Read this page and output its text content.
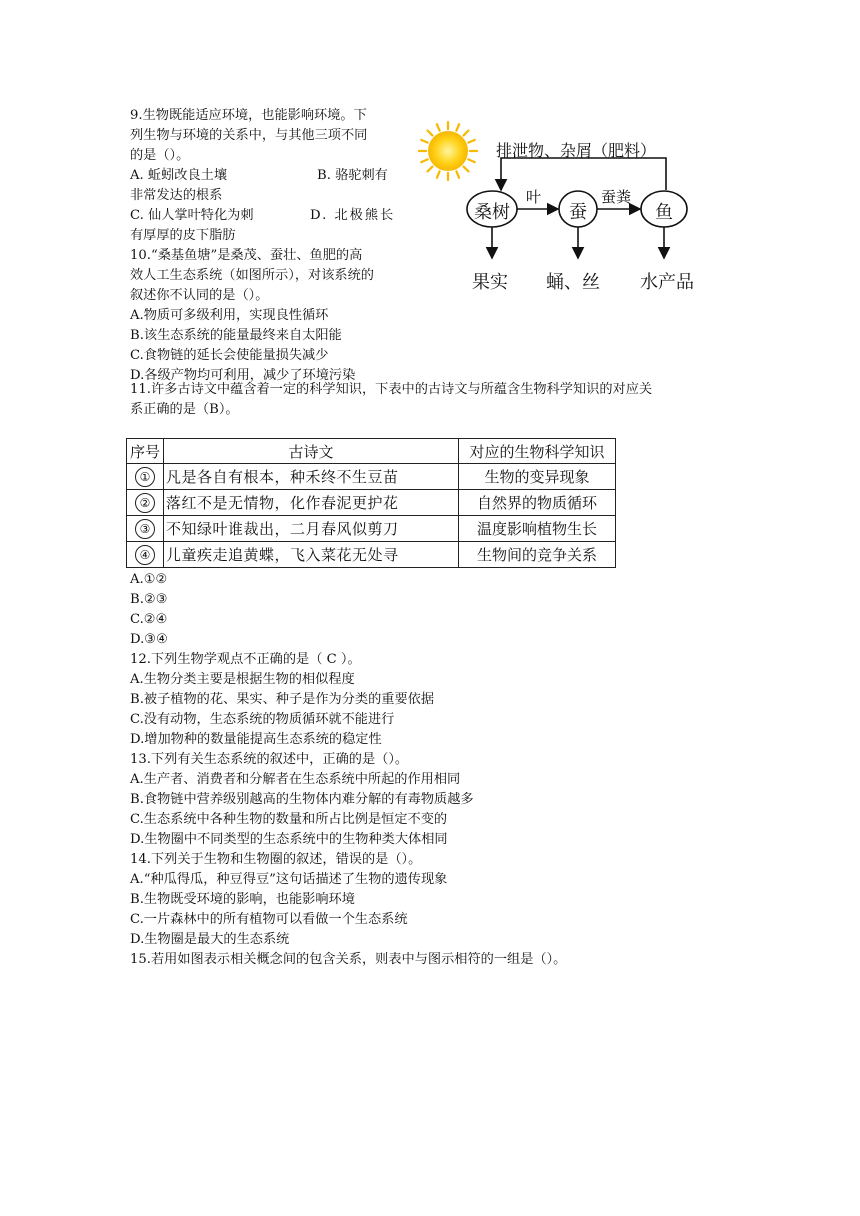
9.生物既能适应环境，也能影响环境。下
列生物与环境的关系中，与其他三项不同
的是（）。
A. 蚯蚓改良土壤	B. 骆驼刺有
非常发达的根系
C. 仙人掌叶特化为刺	D. 北极熊长
有厚厚的皮下脂肪
10.“桑基鱼塘”是桑茂、蚕壮、鱼肥的高
效人工生态系统（如图所示），对该系统的
叙述你不认同的是（）。
A.物质可多级利用，实现良性循环
B.该生态系统的能量最终来自太阳能
C.食物链的延长会使能量损失减少
D.各级产物均可利用，减少了环境污染
排泄物、杂屑（肥料）
桑树	蚕	鱼
叶	蚕粪
果实 蛹、丝 水产品
11.许多古诗文中蕴含着一定的科学知识，下表中的古诗文与所蕴含生物科学知识的对应关
系正确的是（B）。
序号	古诗文	对应的生物科学知识
①	凡是各自有根本，种禾终不生豆苗	生物的变异现象
②	落红不是无情物，化作春泥更护花	自然界的物质循环
③	不知绿叶谁裁出，二月春风似剪刀	温度影响植物生长
④	儿童疾走追黄蝶，飞入菜花无处寻	生物间的竞争关系
A.①②
B.②③
C.②④
D.③④
12.下列生物学观点不正确的是（ C ）。
A.生物分类主要是根据生物的相似程度
B.被子植物的花、果实、种子是作为分类的重要依据
C.没有动物，生态系统的物质循环就不能进行
D.增加物种的数量能提高生态系统的稳定性
13.下列有关生态系统的叙述中，正确的是（）。
A.生产者、消费者和分解者在生态系统中所起的作用相同
B.食物链中营养级别越高的生物体内难分解的有毒物质越多
C.生态系统中各种生物的数量和所占比例是恒定不变的
D.生物圈中不同类型的生态系统中的生物种类大体相同
14.下列关于生物和生物圈的叙述，错误的是（）。
A.“种瓜得瓜，种豆得豆”这句话描述了生物的遗传现象
B.生物既受环境的影响，也能影响环境
C.一片森林中的所有植物可以看做一个生态系统
D.生物圈是最大的生态系统
15.若用如图表示相关概念间的包含关系，则表中与图示相符的一组是（）。
